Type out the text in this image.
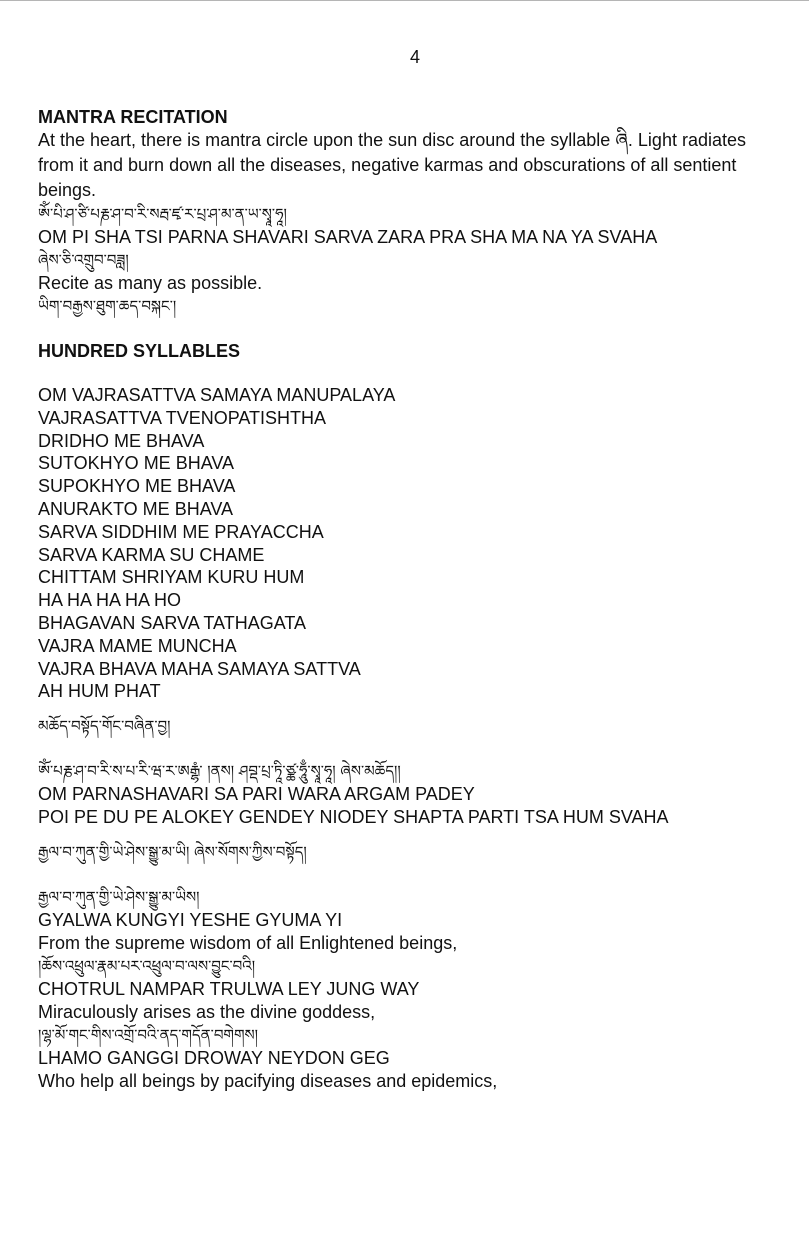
4
MANTRA RECITATION
At the heart, there is mantra circle upon the sun disc around the syllable ཞི. Light radiates from it and burn down all the diseases, negative karmas and obscurations of all sentient beings.
ཨོཾ་པི་ཤ་ཙི་པརྞ་ཤ་བ་རི་སརྦ་ཛྭ་ར་པྲ་ཤ་མ་ན་ཡ་སྭཱ་ཧཱ།
OM PI SHA TSI PARNA SHAVARI SARVA ZARA PRA SHA MA NA YA SVAHA
ཞེས་ཅི་འགྲུབ་བཟླ།
Recite as many as possible.
ཡིག་བརྒྱས་ཐུག་ཆད་བསྐང་།
HUNDRED SYLLABLES
OM VAJRASATTVA SAMAYA MANUPALAYA
VAJRASATTVA TVENOPATISHTHA
DRIDHO ME BHAVA
SUTOKHYO ME BHAVA
SUPOKHYO ME BHAVA
ANURAKTO ME BHAVA
SARVA SIDDHIM ME PRAYACCHA
SARVA KARMA SU CHAME
CHITTAM SHRIYAM KURU HUM
HA HA HA HA HO
BHAGAVAN SARVA TATHAGATA
VAJRA MAME MUNCHA
VAJRA BHAVA MAHA SAMAYA SATTVA
AH HUM PHAT
མཆོད་བསྟོད་གོང་བཞིན་བྱ།
ཨོཾ་པརྞ་ཤ་བ་རི་ས་པ་རི་ཝ་ར་ཨརྒྷཾ་ །ནས། ཤབྡ་པྲ་ཏཱི་ཙྪ་ཧཱུྃ་སྭཱ་ཧཱ། ཞེས་མཆོད།།
OM PARNASHAVARI SA PARI WARA ARGAM PADEY
POI PE DU PE ALOKEY GENDEY NIODEY SHAPTA PARTI TSA HUM SVAHA
རྒྱལ་བ་ཀུན་གྱི་ཡེ་ཤེས་སྒྱུ་མ་ཡི། ཞེས་སོགས་ཀྱིས་བསྟོད།
རྒྱལ་བ་ཀུན་གྱི་ཡེ་ཤེས་སྒྱུ་མ་ཡིས།
GYALWA KUNGYI YESHE GYUMA YI
From the supreme wisdom of all Enlightened beings,
།ཆོས་འཕྲུལ་རྣམ་པར་འཕྲུལ་བ་ལས་བྱུང་བའི།
CHOTRUL NAMPAR TRULWA LEY JUNG WAY
Miraculously arises as the divine goddess,
།ལྷ་མོ་གང་གིས་འགྲོ་བའི་ནད་གདོན་བགེགས།
LHAMO GANGGI DROWAY NEYDON GEG
Who help all beings by pacifying diseases and epidemics,
